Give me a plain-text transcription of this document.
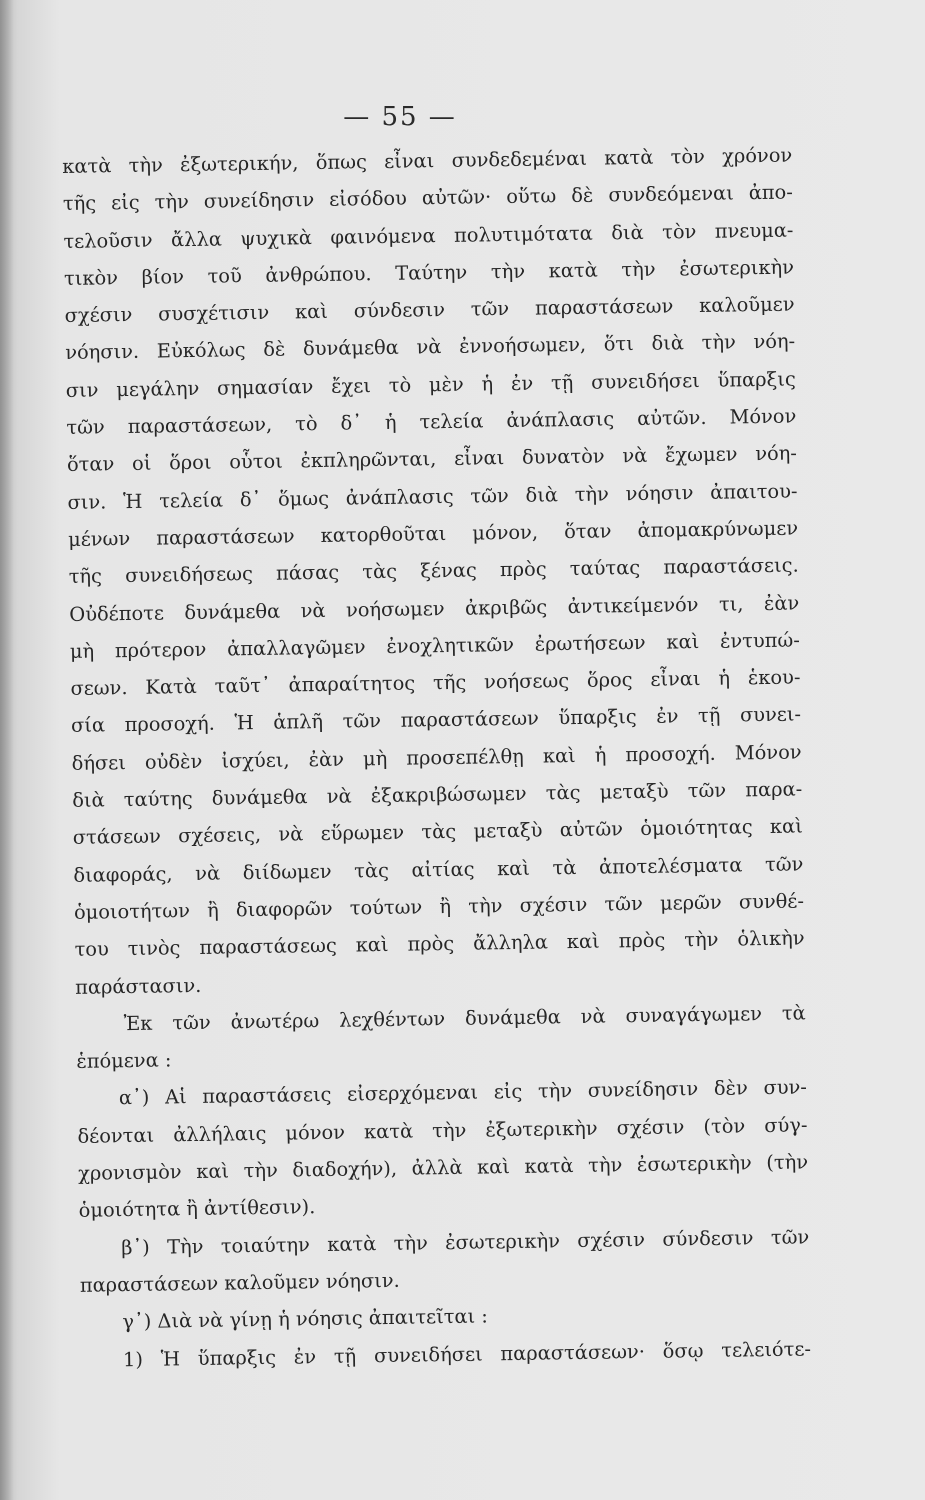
— 55 —
κατὰ τὴν ἐξωτερικήν, ὅπως εἶναι συνδεδεμέναι κατὰ τὸν χρόνον
τῆς εἰς τὴν συνείδησιν εἰσόδου αὐτῶν· οὕτω δὲ συνδεόμεναι ἀπο-
τελοῦσιν ἄλλα ψυχικὰ φαινόμενα πολυτιμότατα διὰ τὸν πνευμα-
τικὸν βίον τοῦ ἀνθρώπου. Ταύτην τὴν κατὰ τὴν ἐσωτερικὴν
σχέσιν συσχέτισιν καὶ σύνδεσιν τῶν παραστάσεων καλοῦμεν
νόησιν. Εὐκόλως δὲ δυνάμεθα νὰ ἐννοήσωμεν, ὅτι διὰ τὴν νόη-
σιν μεγάλην σημασίαν ἔχει τὸ μὲν ἡ ἐν τῇ συνειδήσει ὕπαρξις
τῶν παραστάσεων, τὸ δ᾿ ἡ τελεία ἀνάπλασις αὐτῶν. Μόνον
ὅταν οἱ ὅροι οὗτοι ἐκπληρῶνται, εἶναι δυνατὸν νὰ ἔχωμεν νόη-
σιν. Ἡ τελεία δ᾿ ὅμως ἀνάπλασις τῶν διὰ τὴν νόησιν ἀπαιτου-
μένων παραστάσεων κατορθοῦται μόνον, ὅταν ἀπομακρύνωμεν
τῆς συνειδήσεως πάσας τὰς ξένας πρὸς ταύτας παραστάσεις.
Οὐδέποτε δυνάμεθα νὰ νοήσωμεν ἀκριβῶς ἀντικείμενόν τι, ἐὰν
μὴ πρότερον ἀπαλλαγῶμεν ἐνοχλητικῶν ἐρωτήσεων καὶ ἐντυπώ-
σεων. Κατὰ ταῦτ᾿ ἀπαραίτητος τῆς νοήσεως ὅρος εἶναι ἡ ἑκου-
σία προσοχή. Ἡ ἁπλῆ τῶν παραστάσεων ὕπαρξις ἐν τῇ συνει-
δήσει οὐδὲν ἰσχύει, ἐὰν μὴ προσεπέλθῃ καὶ ἡ προσοχή. Μόνον
διὰ ταύτης δυνάμεθα νὰ ἐξακριβώσωμεν τὰς μεταξὺ τῶν παρα-
στάσεων σχέσεις, νὰ εὕρωμεν τὰς μεταξὺ αὐτῶν ὁμοιότητας καὶ
διαφοράς, νὰ διίδωμεν τὰς αἰτίας καὶ τὰ ἀποτελέσματα τῶν
ὁμοιοτήτων ἢ διαφορῶν τούτων ἢ τὴν σχέσιν τῶν μερῶν συνθέ-
του τινὸς παραστάσεως καὶ πρὸς ἄλληλα καὶ πρὸς τὴν ὁλικὴν
παράστασιν.
Ἐκ τῶν ἀνωτέρω λεχθέντων δυνάμεθα νὰ συναγάγωμεν τὰ
ἑπόμενα :
α᾿) Αἱ παραστάσεις εἰσερχόμεναι εἰς τὴν συνείδησιν δὲν συν-
δέονται ἀλλήλαις μόνον κατὰ τὴν ἐξωτερικὴν σχέσιν (τὸν σύγ-
χρονισμὸν καὶ τὴν διαδοχήν), ἀλλὰ καὶ κατὰ τὴν ἐσωτερικὴν (τὴν
ὁμοιότητα ἢ ἀντίθεσιν).
β᾿) Τὴν τοιαύτην κατὰ τὴν ἐσωτερικὴν σχέσιν σύνδεσιν τῶν
παραστάσεων καλοῦμεν νόησιν.
γ᾿) Διὰ νὰ γίνῃ ἡ νόησις ἀπαιτεῖται :
1) Ἡ ὕπαρξις ἐν τῇ συνειδήσει παραστάσεων· ὅσῳ τελειότε-
